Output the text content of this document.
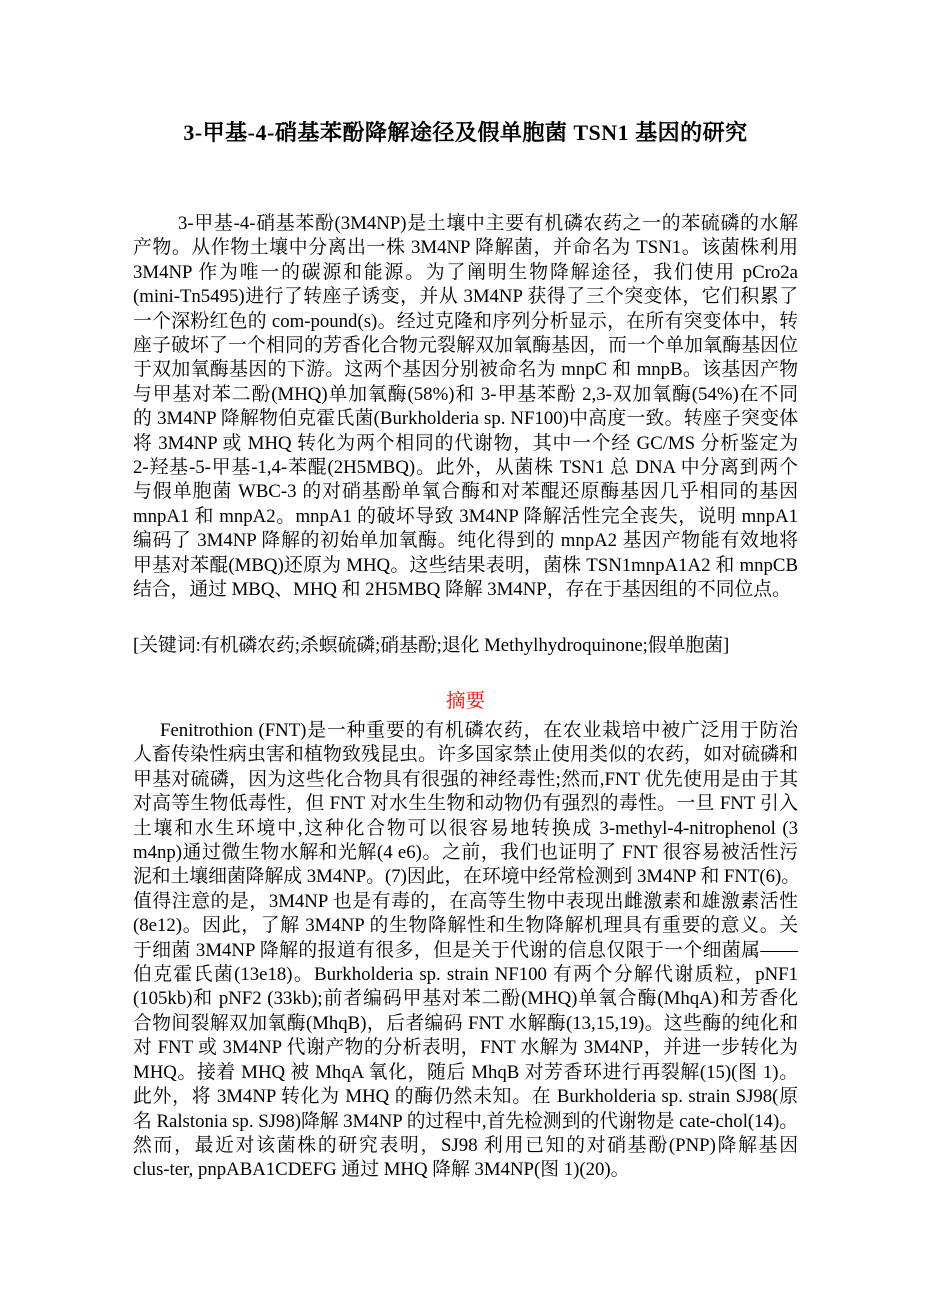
3-甲基-4-硝基苯酚降解途径及假单胞菌 TSN1 基因的研究
3-甲基-4-硝基苯酚(3M4NP)是土壤中主要有机磷农药之一的苯硫磷的水解
产物。从作物土壤中分离出一株 3M4NP 降解菌，并命名为 TSN1。该菌株利用
3M4NP 作为唯一的碳源和能源。为了阐明生物降解途径，我们使用 pCro2a
(mini-Tn5495)进行了转座子诱变，并从 3M4NP 获得了三个突变体，它们积累了
一个深粉红色的 com-pound(s)。经过克隆和序列分析显示，在所有突变体中，转
座子破坏了一个相同的芳香化合物元裂解双加氧酶基因，而一个单加氧酶基因位
于双加氧酶基因的下游。这两个基因分别被命名为 mnpC 和 mnpB。该基因产物
与甲基对苯二酚(MHQ)单加氧酶(58%)和 3-甲基苯酚 2,3-双加氧酶(54%)在不同
的 3M4NP 降解物伯克霍氏菌(Burkholderia sp. NF100)中高度一致。转座子突变体
将 3M4NP 或 MHQ 转化为两个相同的代谢物，其中一个经 GC/MS 分析鉴定为
2-羟基-5-甲基-1,4-苯醌(2H5MBQ)。此外，从菌株 TSN1 总 DNA 中分离到两个
与假单胞菌 WBC-3 的对硝基酚单氧合酶和对苯醌还原酶基因几乎相同的基因
mnpA1 和 mnpA2。mnpA1 的破坏导致 3M4NP 降解活性完全丧失，说明 mnpA1
编码了 3M4NP 降解的初始单加氧酶。纯化得到的 mnpA2 基因产物能有效地将
甲基对苯醌(MBQ)还原为 MHQ。这些结果表明，菌株 TSN1mnpA1A2 和 mnpCB
结合，通过 MBQ、MHQ 和 2H5MBQ 降解 3M4NP，存在于基因组的不同位点。
[关键词:有机磷农药;杀螟硫磷;硝基酚;退化 Methylhydroquinone;假单胞菌]
摘要
Fenitrothion (FNT)是一种重要的有机磷农药，在农业栽培中被广泛用于防治
人畜传染性病虫害和植物致残昆虫。许多国家禁止使用类似的农药，如对硫磷和
甲基对硫磷，因为这些化合物具有很强的神经毒性;然而,FNT 优先使用是由于其
对高等生物低毒性，但 FNT 对水生生物和动物仍有强烈的毒性。一旦 FNT 引入
土壤和水生环境中,这种化合物可以很容易地转换成 3-methyl-4-nitrophenol (3
m4np)通过微生物水解和光解(4 e6)。之前，我们也证明了 FNT 很容易被活性污
泥和土壤细菌降解成 3M4NP。(7)因此，在环境中经常检测到 3M4NP 和 FNT(6)。
值得注意的是，3M4NP 也是有毒的，在高等生物中表现出雌激素和雄激素活性
(8e12)。因此，了解 3M4NP 的生物降解性和生物降解机理具有重要的意义。关
于细菌 3M4NP 降解的报道有很多，但是关于代谢的信息仅限于一个细菌属——
伯克霍氏菌(13e18)。Burkholderia sp. strain NF100 有两个分解代谢质粒，pNF1
(105kb)和 pNF2 (33kb);前者编码甲基对苯二酚(MHQ)单氧合酶(MhqA)和芳香化
合物间裂解双加氧酶(MhqB)，后者编码 FNT 水解酶(13,15,19)。这些酶的纯化和
对 FNT 或 3M4NP 代谢产物的分析表明，FNT 水解为 3M4NP，并进一步转化为
MHQ。接着 MHQ 被 MhqA 氧化，随后 MhqB 对芳香环进行再裂解(15)(图 1)。
此外，将 3M4NP 转化为 MHQ 的酶仍然未知。在 Burkholderia sp. strain SJ98(原
名 Ralstonia sp. SJ98)降解 3M4NP 的过程中,首先检测到的代谢物是 cate-chol(14)。
然而，最近对该菌株的研究表明，SJ98 利用已知的对硝基酚(PNP)降解基因
clus-ter, pnpABA1CDEFG 通过 MHQ 降解 3M4NP(图 1)(20)。
